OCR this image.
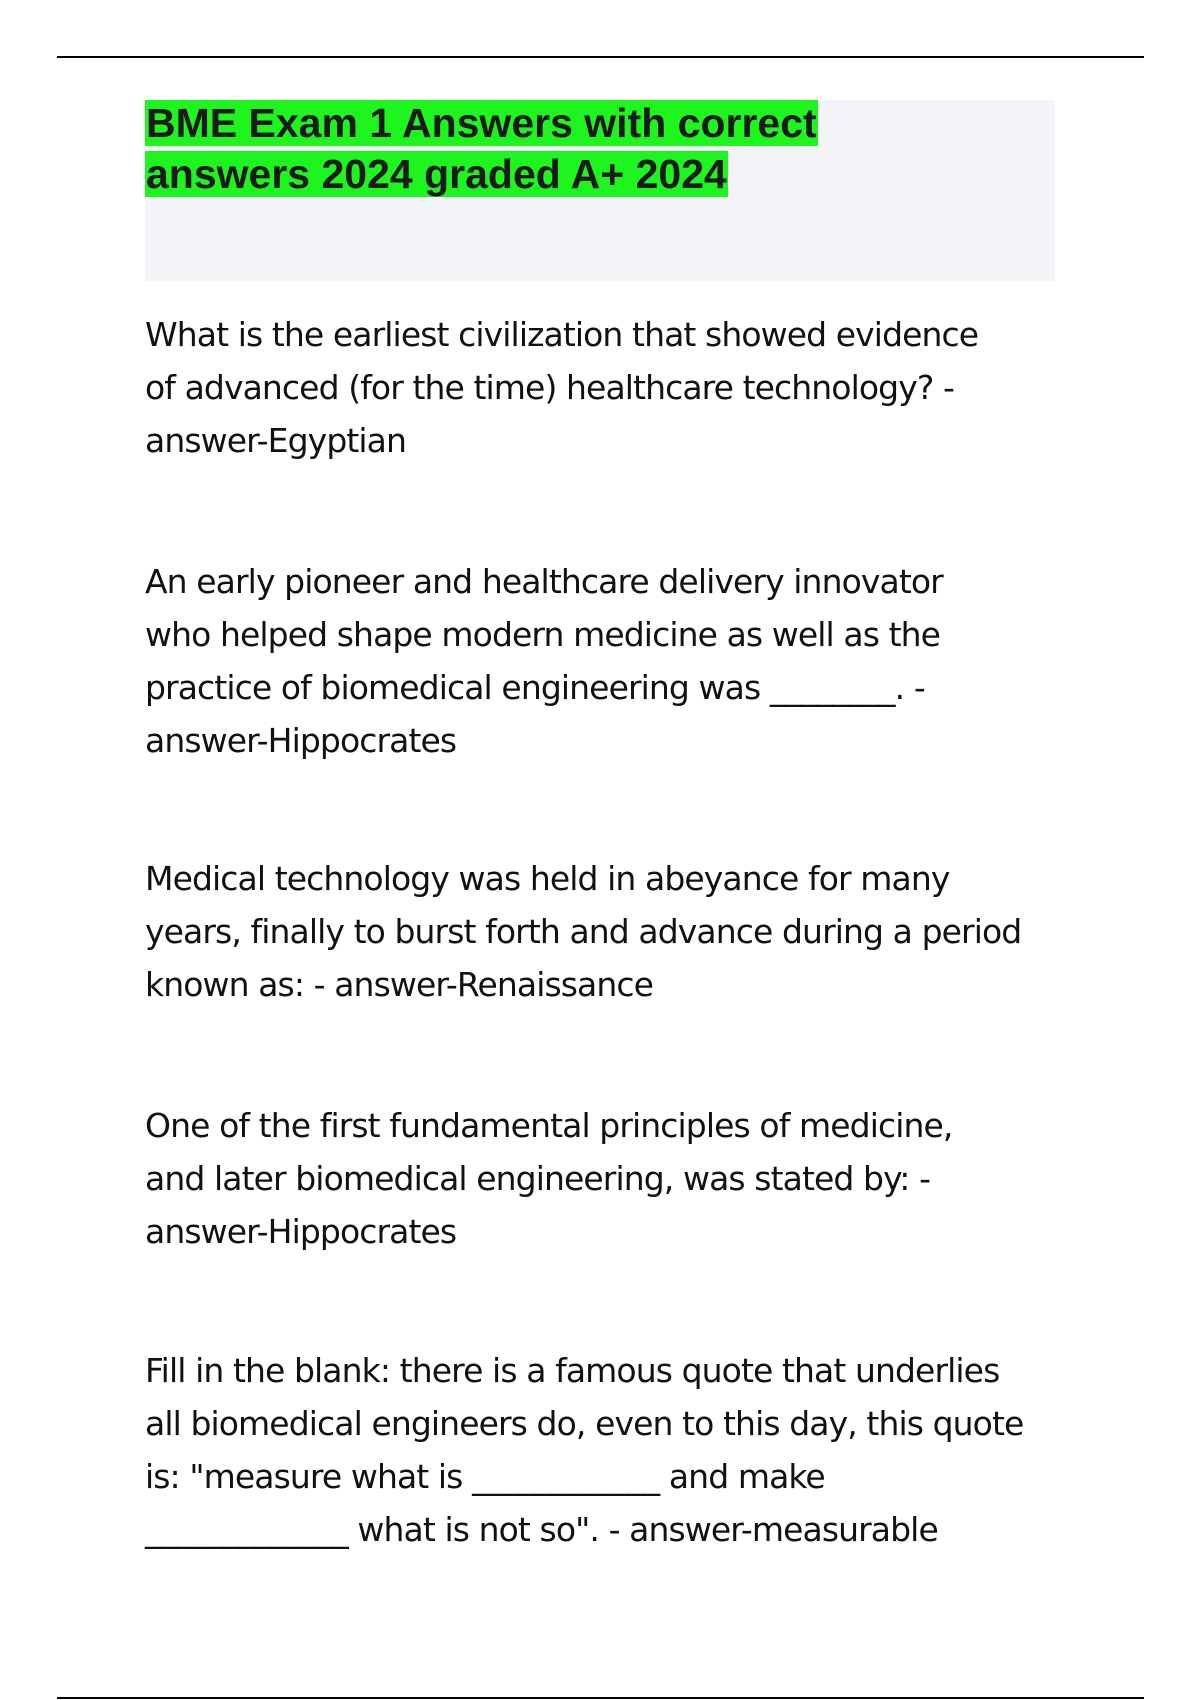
BME Exam 1 Answers with correct
answers 2024 graded A+ 2024

What is the earliest civilization that showed evidence
of advanced (for the time) healthcare technology? -
answer-Egyptian

An early pioneer and healthcare delivery innovator
who helped shape modern medicine as well as the
practice of biomedical engineering was ________. -
answer-Hippocrates

Medical technology was held in abeyance for many
years, finally to burst forth and advance during a period
known as: - answer-Renaissance

One of the first fundamental principles of medicine,
and later biomedical engineering, was stated by: -
answer-Hippocrates

Fill in the blank: there is a famous quote that underlies
all biomedical engineers do, even to this day, this quote
is: "measure what is ____________ and make
_____________ what is not so". - answer-measurable
